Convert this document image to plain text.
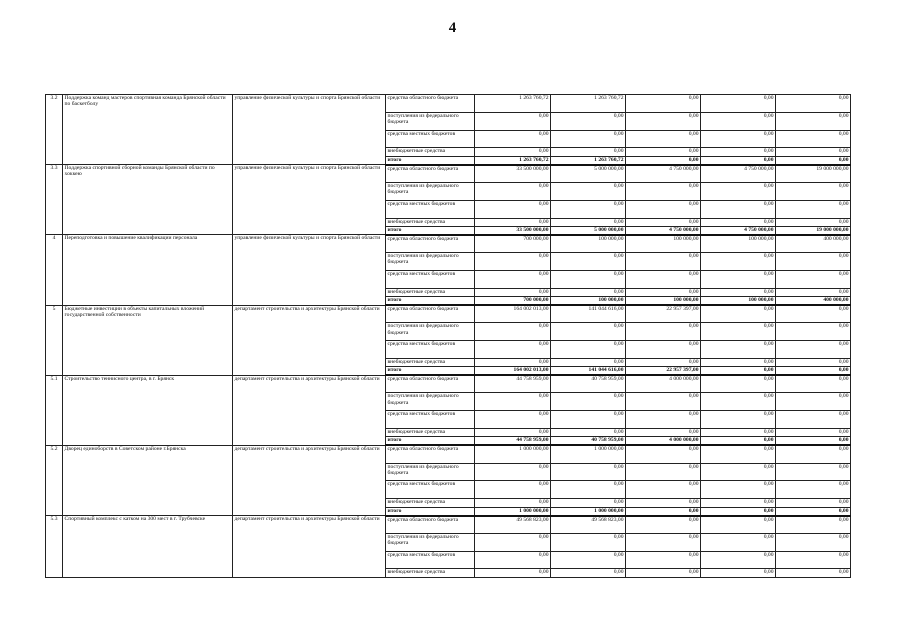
4
3.2	Поддержка команд мастеров спортивная команда Брянской области по баскетболу	управление физической культуры и спорта Брянской области	средства областного бюджета	1 263 760,72	1 263 760,72	0,00	0,00	0,00
			поступления из федерального бюджета	0,00	0,00	0,00	0,00	0,00
			средства местных бюджетов	0,00	0,00	0,00	0,00	0,00
			внебюджетные средства	0,00	0,00	0,00	0,00	0,00
			итого	1 263 760,72	1 263 760,72	0,00	0,00	0,00
3.3	Поддержка спортивной сборной команды Брянской области по хоккею	управление физической культуры и спорта Брянской области	средства областного бюджета	33 500 000,00	5 000 000,00	4 750 000,00	4 750 000,00	19 000 000,00
			поступления из федерального бюджета	0,00	0,00	0,00	0,00	0,00
			средства местных бюджетов	0,00	0,00	0,00	0,00	0,00
			внебюджетные средства	0,00	0,00	0,00	0,00	0,00
			итого	33 500 000,00	5 000 000,00	4 750 000,00	4 750 000,00	19 000 000,00
4	Переподготовка и повышение квалификации персонала	управление физической культуры и спорта Брянской области	средства областного бюджета	700 000,00	100 000,00	100 000,00	100 000,00	400 000,00
			поступления из федерального бюджета	0,00	0,00	0,00	0,00	0,00
			средства местных бюджетов	0,00	0,00	0,00	0,00	0,00
			внебюджетные средства	0,00	0,00	0,00	0,00	0,00
			итого	700 000,00	100 000,00	100 000,00	100 000,00	400 000,00
5	Бюджетные инвестиции в объекты капитальных вложений государственной собственности	департамент строительства и архитектуры Брянской области	средства областного бюджета	164 002 013,00	141 044 616,00	22 957 397,00	0,00	0,00
			поступления из федерального бюджета	0,00	0,00	0,00	0,00	0,00
			средства местных бюджетов	0,00	0,00	0,00	0,00	0,00
			внебюджетные средства	0,00	0,00	0,00	0,00	0,00
			итого	164 002 013,00	141 044 616,00	22 957 397,00	0,00	0,00
5.1	Строительство теннисного центра, в г. Брянск	департамент строительства и архитектуры Брянской области	средства областного бюджета	44 758 959,00	40 758 959,00	4 000 000,00	0,00	0,00
			поступления из федерального бюджета	0,00	0,00	0,00	0,00	0,00
			средства местных бюджетов	0,00	0,00	0,00	0,00	0,00
			внебюджетные средства	0,00	0,00	0,00	0,00	0,00
			итого	44 758 959,00	40 758 959,00	4 000 000,00	0,00	0,00
5.2	Дворец единоборств в Советском районе г.Брянска	департамент строительства и архитектуры Брянской области	средства областного бюджета	1 000 000,00	1 000 000,00	0,00	0,00	0,00
			поступления из федерального бюджета	0,00	0,00	0,00	0,00	0,00
			средства местных бюджетов	0,00	0,00	0,00	0,00	0,00
			внебюджетные средства	0,00	0,00	0,00	0,00	0,00
			итого	1 000 000,00	1 000 000,00	0,00	0,00	0,00
5.3	Спортивный комплекс с катком на 300 мест в г. Трубчевске	департамент строительства и архитектуры Брянской области	средства областного бюджета	49 568 823,00	49 568 823,00	0,00	0,00	0,00
			поступления из федерального бюджета	0,00	0,00	0,00	0,00	0,00
			средства местных бюджетов	0,00	0,00	0,00	0,00	0,00
			внебюджетные средства	0,00	0,00	0,00	0,00	0,00
